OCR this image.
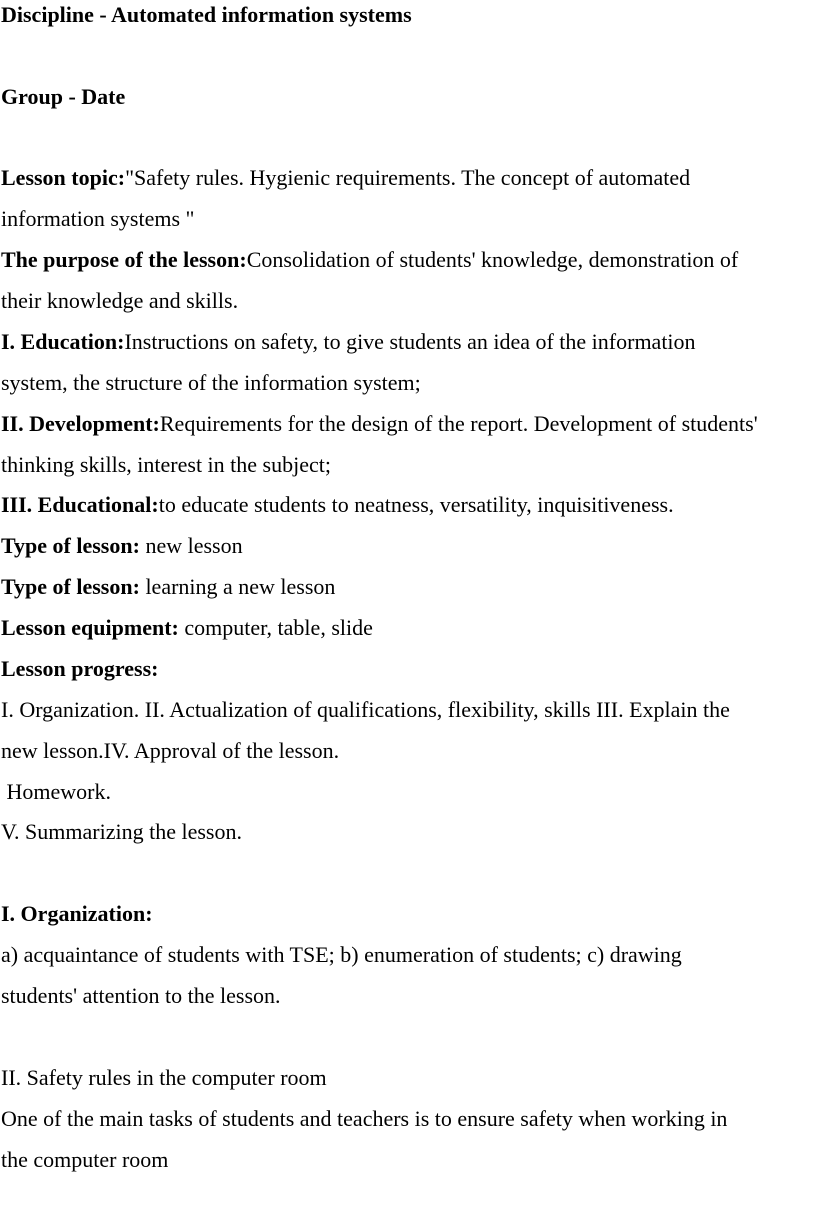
Discipline - Automated information systems
Group - Date
Lesson topic:"Safety rules. Hygienic requirements. The concept of automated
information systems "
The purpose of the lesson:Consolidation of students' knowledge, demonstration of
their knowledge and skills.
I. Education:Instructions on safety, to give students an idea of the information
system, the structure of the information system;
II. Development:Requirements for the design of the report. Development of students'
thinking skills, interest in the subject;
III. Educational:to educate students to neatness, versatility, inquisitiveness.
Type of lesson: new lesson
Type of lesson: learning a new lesson
Lesson equipment: computer, table, slide
Lesson progress:
I. Organization. II. Actualization of qualifications, flexibility, skills III. Explain the
new lesson.IV. Approval of the lesson.
Homework.
V. Summarizing the lesson.
I. Organization:
a) acquaintance of students with TSE; b) enumeration of students; c) drawing
students' attention to the lesson.
II. Safety rules in the computer room
One of the main tasks of students and teachers is to ensure safety when working in
the computer room
